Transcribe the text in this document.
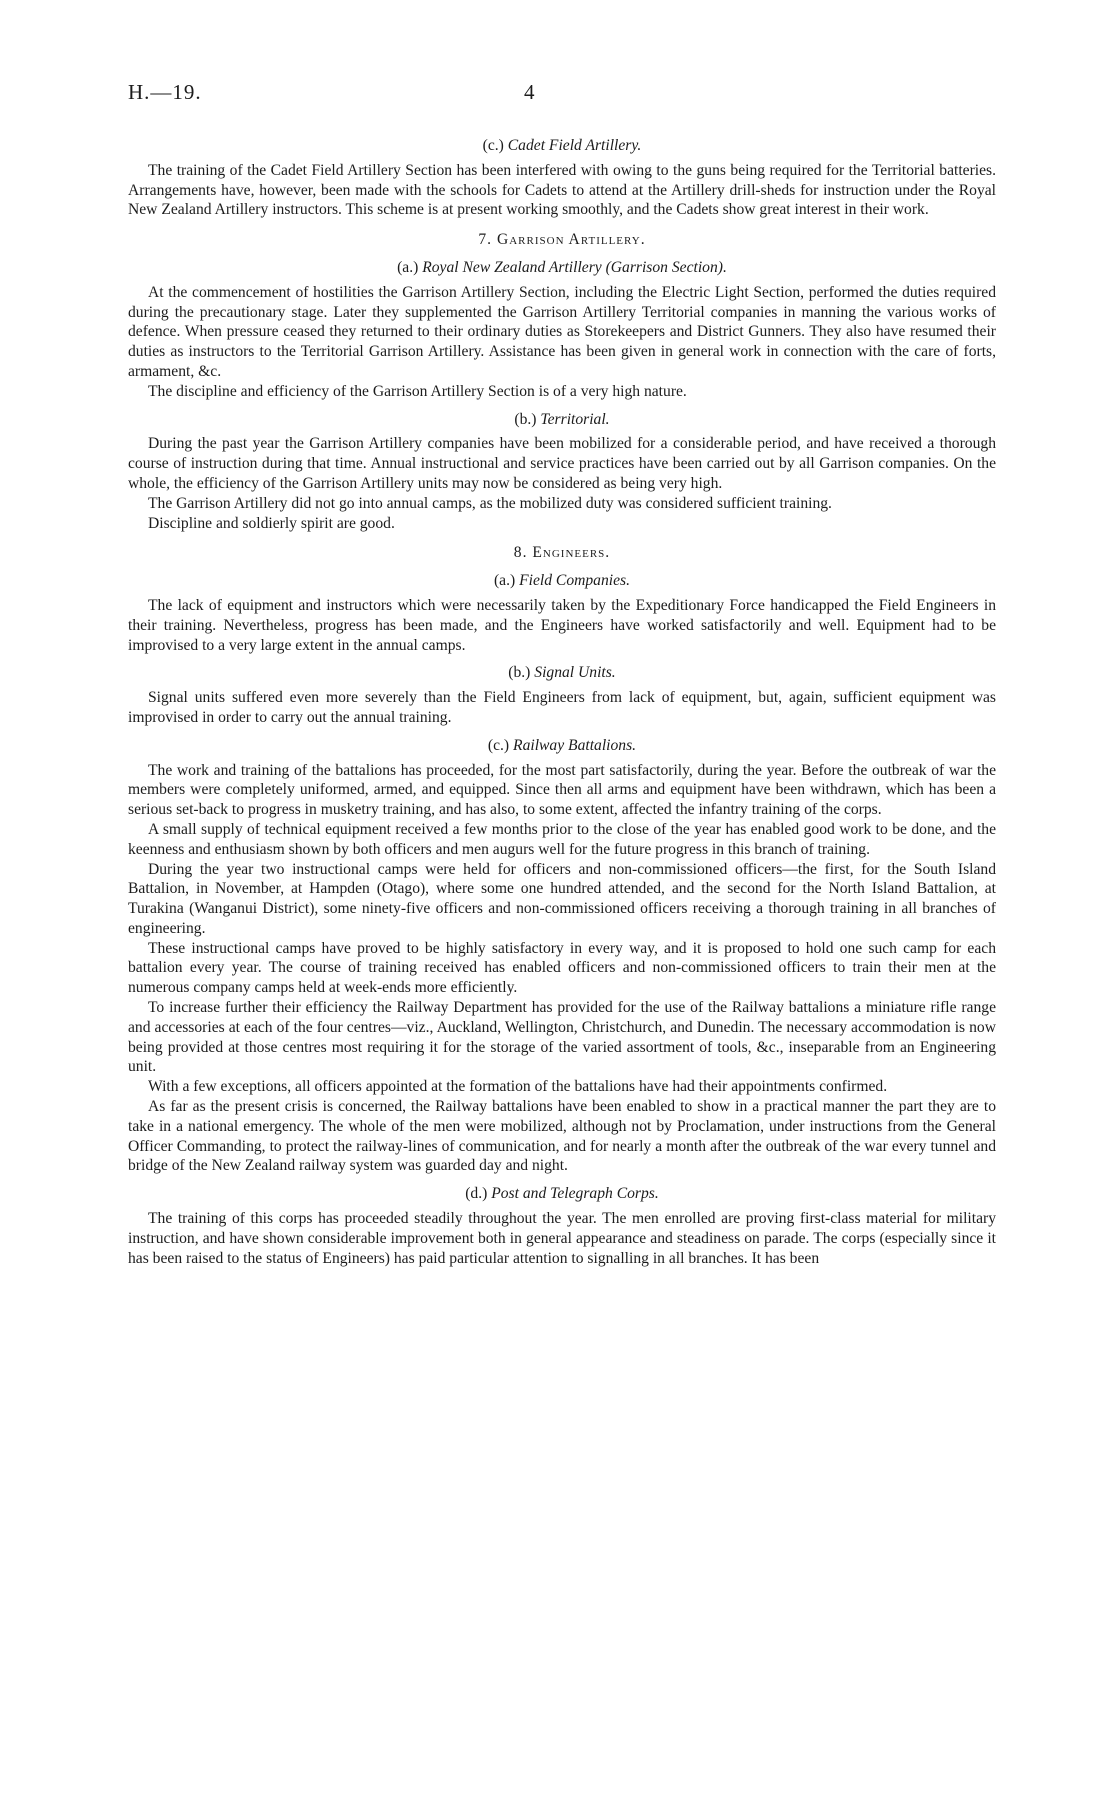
H.—19.	4
(c.) Cadet Field Artillery.

The training of the Cadet Field Artillery Section has been interfered with owing to the guns being required for the Territorial batteries. Arrangements have, however, been made with the schools for Cadets to attend at the Artillery drill-sheds for instruction under the Royal New Zealand Artillery instructors. This scheme is at present working smoothly, and the Cadets show great interest in their work.

7. Garrison Artillery.
(a.) Royal New Zealand Artillery (Garrison Section).

At the commencement of hostilities the Garrison Artillery Section, including the Electric Light Section, performed the duties required during the precautionary stage. Later they supplemented the Garrison Artillery Territorial companies in manning the various works of defence. When pressure ceased they returned to their ordinary duties as Storekeepers and District Gunners. They also have resumed their duties as instructors to the Territorial Garrison Artillery. Assistance has been given in general work in connection with the care of forts, armament, &c.

The discipline and efficiency of the Garrison Artillery Section is of a very high nature.

(b.) Territorial.

During the past year the Garrison Artillery companies have been mobilized for a considerable period, and have received a thorough course of instruction during that time. Annual instructional and service practices have been carried out by all Garrison companies. On the whole, the efficiency of the Garrison Artillery units may now be considered as being very high.

The Garrison Artillery did not go into annual camps, as the mobilized duty was considered sufficient training.

Discipline and soldierly spirit are good.

8. Engineers.
(a.) Field Companies.

The lack of equipment and instructors which were necessarily taken by the Expeditionary Force handicapped the Field Engineers in their training. Nevertheless, progress has been made, and the Engineers have worked satisfactorily and well. Equipment had to be improvised to a very large extent in the annual camps.

(b.) Signal Units.

Signal units suffered even more severely than the Field Engineers from lack of equipment, but, again, sufficient equipment was improvised in order to carry out the annual training.

(c.) Railway Battalions.

The work and training of the battalions has proceeded, for the most part satisfactorily, during the year. Before the outbreak of war the members were completely uniformed, armed, and equipped. Since then all arms and equipment have been withdrawn, which has been a serious set-back to progress in musketry training, and has also, to some extent, affected the infantry training of the corps.

A small supply of technical equipment received a few months prior to the close of the year has enabled good work to be done, and the keenness and enthusiasm shown by both officers and men augurs well for the future progress in this branch of training.

During the year two instructional camps were held for officers and non-commissioned officers—the first, for the South Island Battalion, in November, at Hampden (Otago), where some one hundred attended, and the second for the North Island Battalion, at Turakina (Wanganui District), some ninety-five officers and non-commissioned officers receiving a thorough training in all branches of engineering.

These instructional camps have proved to be highly satisfactory in every way, and it is proposed to hold one such camp for each battalion every year. The course of training received has enabled officers and non-commissioned officers to train their men at the numerous company camps held at week-ends more efficiently.

To increase further their efficiency the Railway Department has provided for the use of the Railway battalions a miniature rifle range and accessories at each of the four centres—viz., Auckland, Wellington, Christchurch, and Dunedin. The necessary accommodation is now being provided at those centres most requiring it for the storage of the varied assortment of tools, &c., inseparable from an Engineering unit.

With a few exceptions, all officers appointed at the formation of the battalions have had their appointments confirmed.

As far as the present crisis is concerned, the Railway battalions have been enabled to show in a practical manner the part they are to take in a national emergency. The whole of the men were mobilized, although not by Proclamation, under instructions from the General Officer Commanding, to protect the railway-lines of communication, and for nearly a month after the outbreak of the war every tunnel and bridge of the New Zealand railway system was guarded day and night.

(d.) Post and Telegraph Corps.

The training of this corps has proceeded steadily throughout the year. The men enrolled are proving first-class material for military instruction, and have shown considerable improvement both in general appearance and steadiness on parade. The corps (especially since it has been raised to the status of Engineers) has paid particular attention to signalling in all branches. It has been
